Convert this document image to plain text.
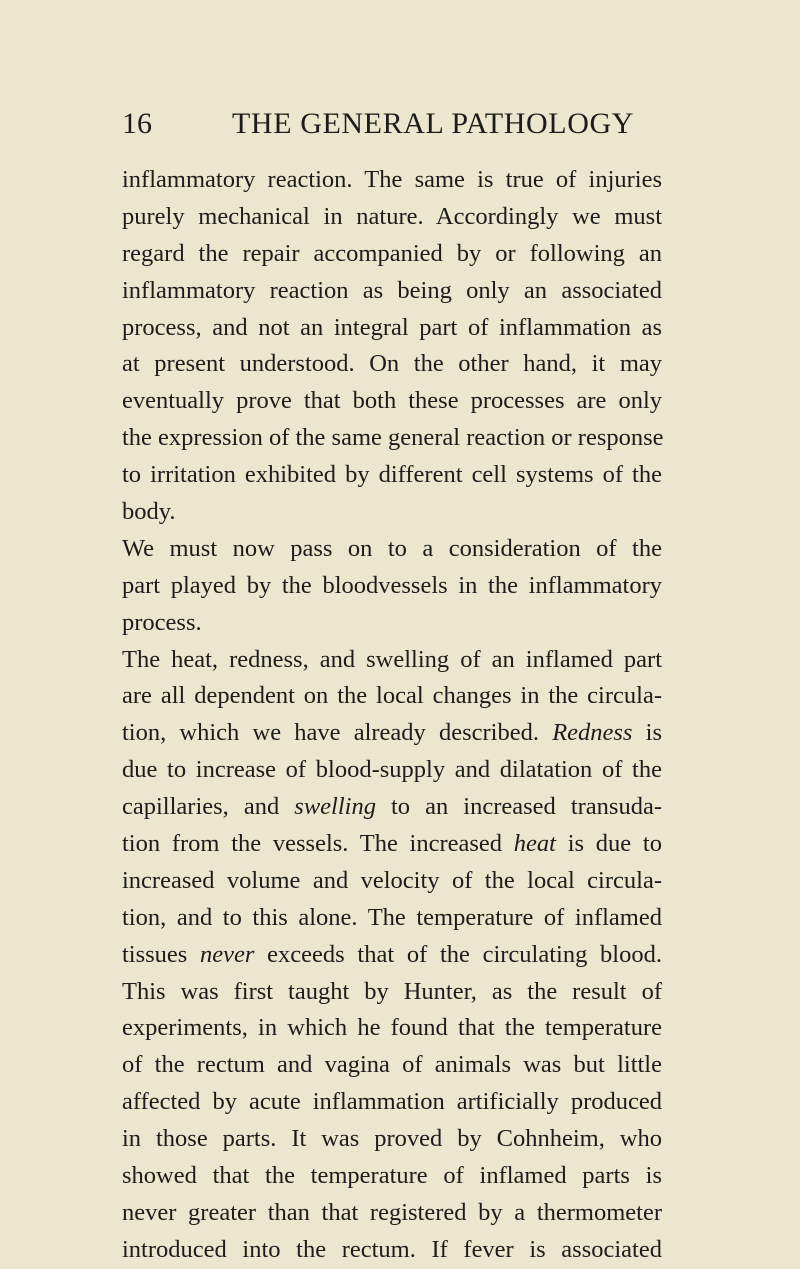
16	THE GENERAL PATHOLOGY
inflammatory reaction. The same is true of injuries
purely mechanical in nature. Accordingly we must
regard the repair accompanied by or following an
inflammatory reaction as being only an associated
process, and not an integral part of inflammation as
at present understood. On the other hand, it may
eventually prove that both these processes are only
the expression of the same general reaction or response
to irritation exhibited by different cell systems of the
body.
We must now pass on to a consideration of the
part played by the bloodvessels in the inflammatory
process.
The heat, redness, and swelling of an inflamed part
are all dependent on the local changes in the circula-
tion, which we have already described. Redness is
due to increase of blood-supply and dilatation of the
capillaries, and swelling to an increased transuda-
tion from the vessels. The increased heat is due to
increased volume and velocity of the local circula-
tion, and to this alone. The temperature of inflamed
tissues never exceeds that of the circulating blood.
This was first taught by Hunter, as the result of
experiments, in which he found that the temperature
of the rectum and vagina of animals was but little
affected by acute inflammation artificially produced
in those parts. It was proved by Cohnheim, who
showed that the temperature of inflamed parts is
never greater than that registered by a thermometer
introduced into the rectum. If fever is associated
